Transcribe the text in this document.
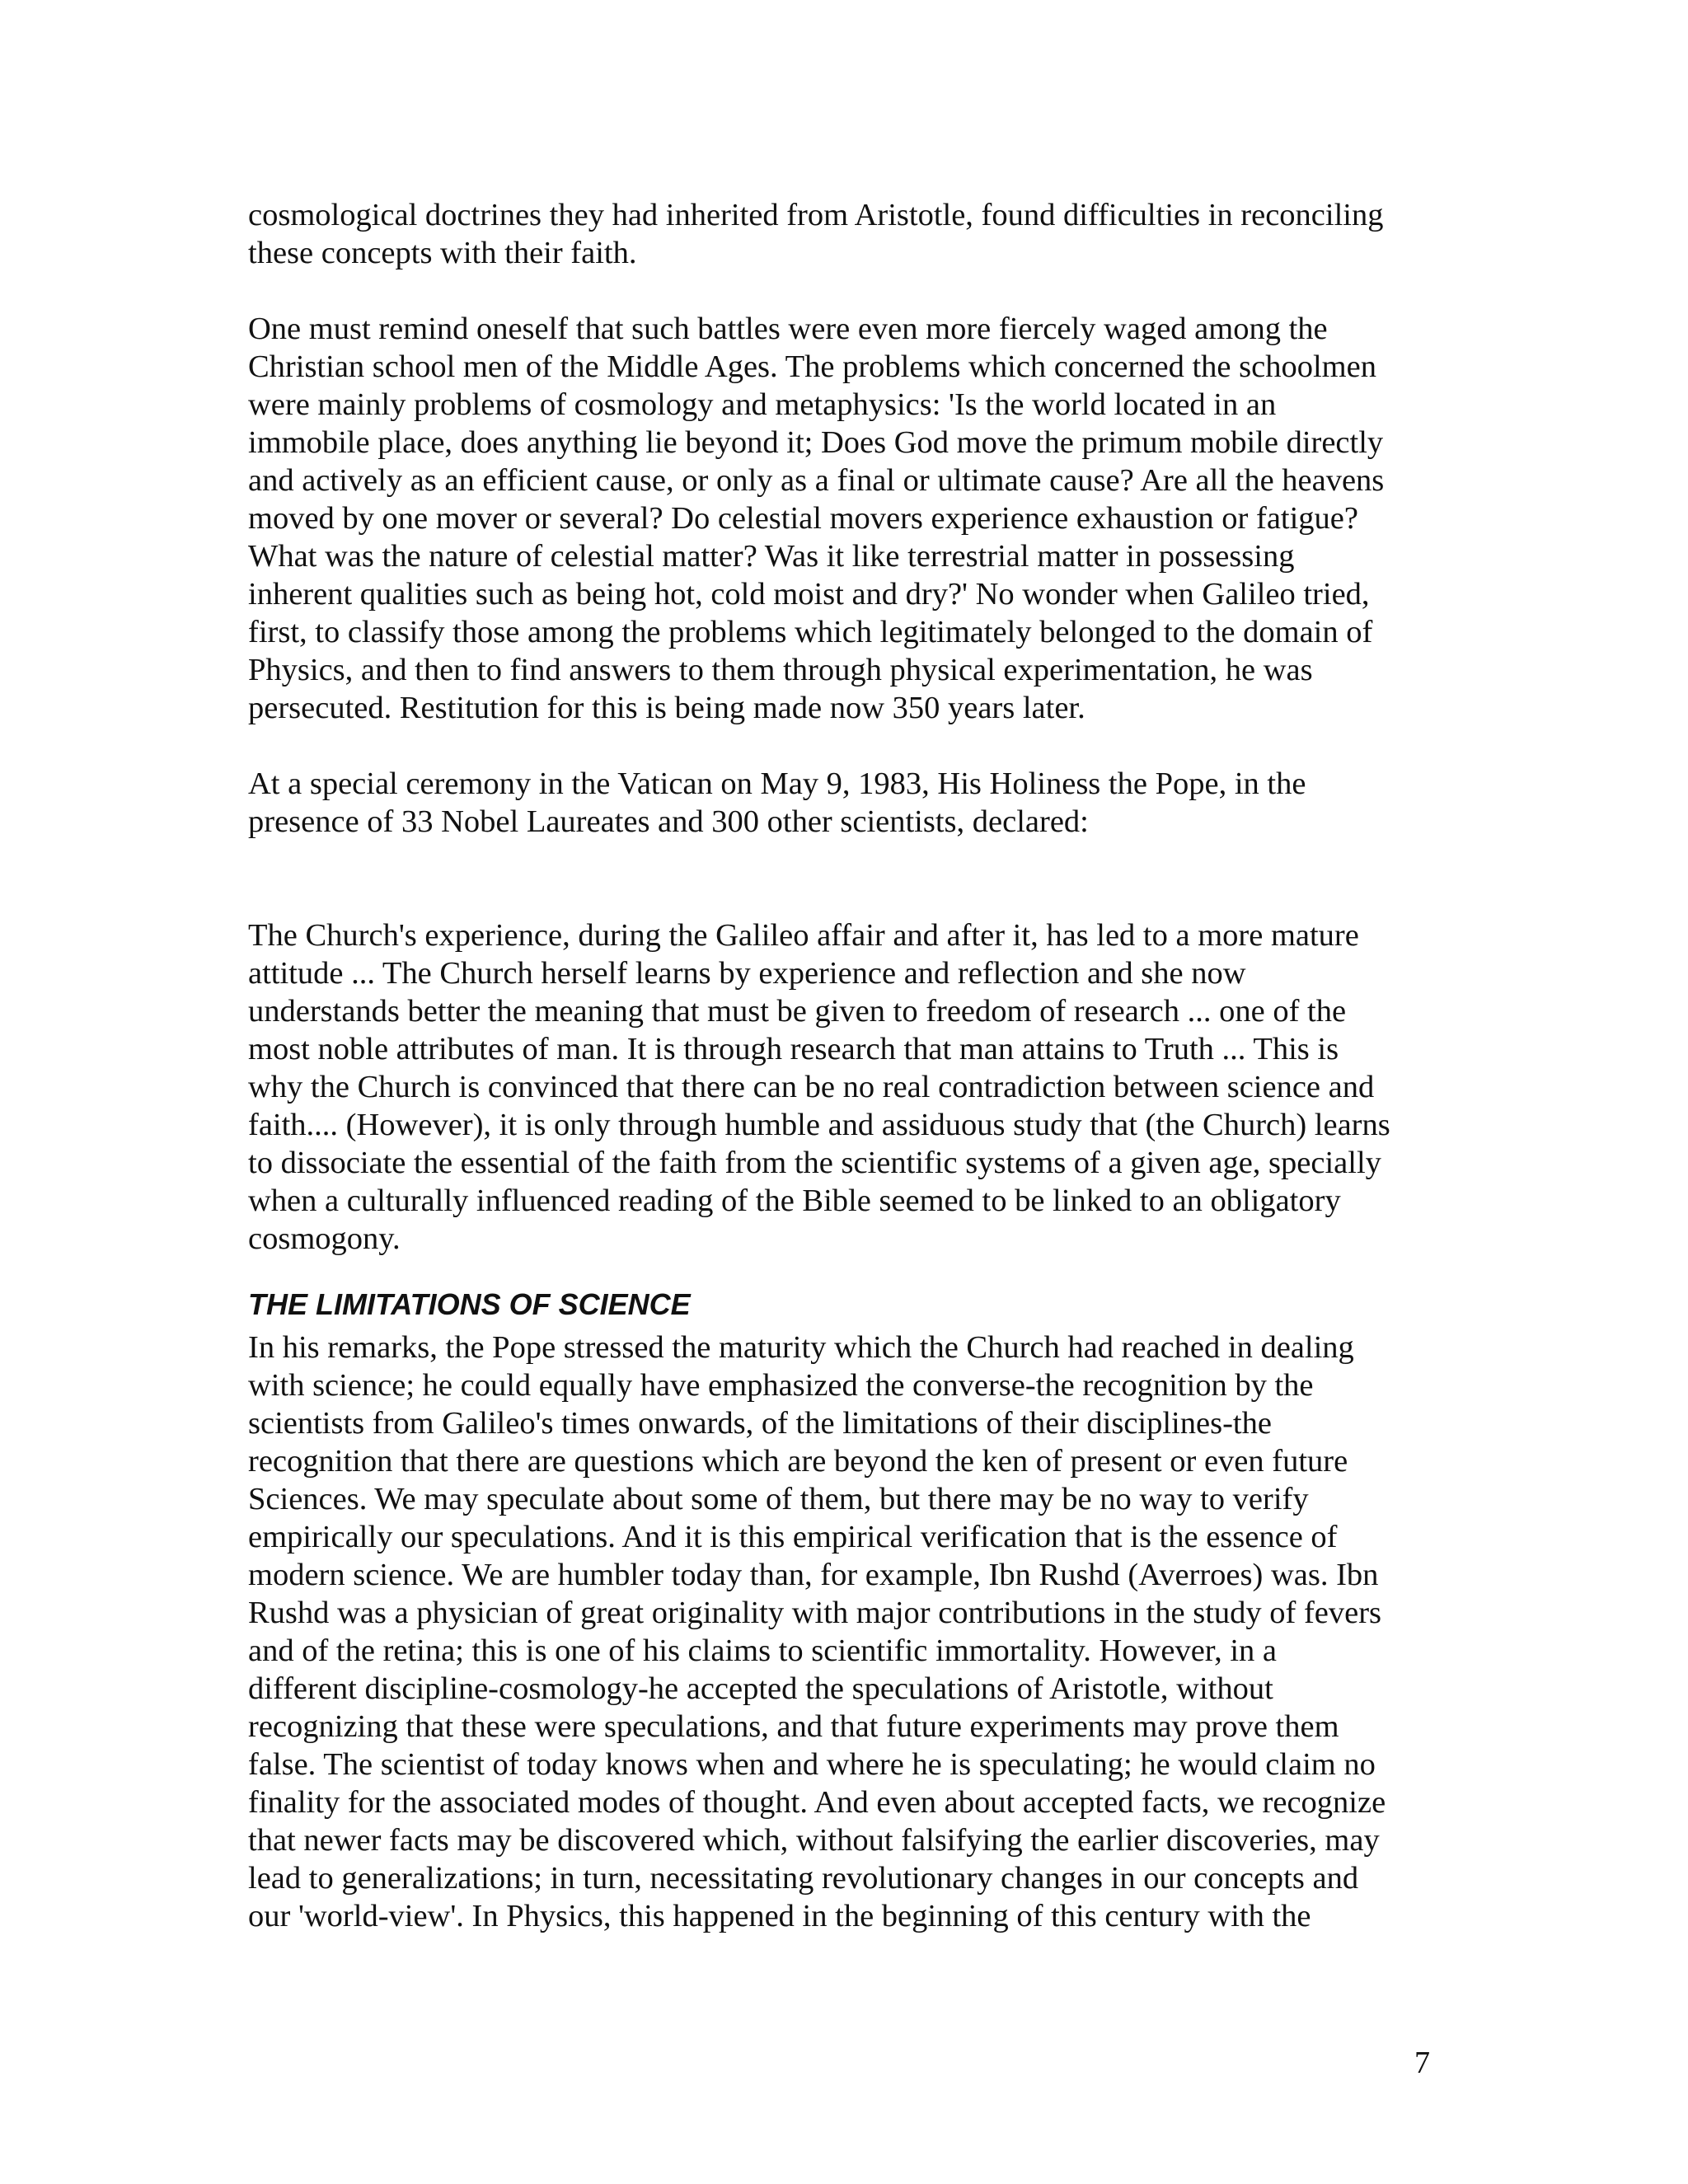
cosmological doctrines they had inherited from Aristotle, found difficulties in reconciling
these concepts with their faith.

One must remind oneself that such battles were even more fiercely waged among the
Christian school men of the Middle Ages. The problems which concerned the schoolmen
were mainly problems of cosmology and metaphysics: 'Is the world located in an
immobile place, does anything lie beyond it; Does God move the primum mobile directly
and actively as an efficient cause, or only as a final or ultimate cause? Are all the heavens
moved by one mover or several? Do celestial movers experience exhaustion or fatigue?
What was the nature of celestial matter? Was it like terrestrial matter in possessing
inherent qualities such as being hot, cold moist and dry?' No wonder when Galileo tried,
first, to classify those among the problems which legitimately belonged to the domain of
Physics, and then to find answers to them through physical experimentation, he was
persecuted. Restitution for this is being made now 350 years later.

At a special ceremony in the Vatican on May 9, 1983, His Holiness the Pope, in the
presence of 33 Nobel Laureates and 300 other scientists, declared:

The Church's experience, during the Galileo affair and after it, has led to a more mature
attitude ... The Church herself learns by experience and reflection and she now
understands better the meaning that must be given to freedom of research ... one of the
most noble attributes of man. It is through research that man attains to Truth ... This is
why the Church is convinced that there can be no real contradiction between science and
faith.... (However), it is only through humble and assiduous study that (the Church) learns
to dissociate the essential of the faith from the scientific systems of a given age, specially
when a culturally influenced reading of the Bible seemed to be linked to an obligatory
cosmogony.

THE LIMITATIONS OF SCIENCE

In his remarks, the Pope stressed the maturity which the Church had reached in dealing
with science; he could equally have emphasized the converse-the recognition by the
scientists from Galileo's times onwards, of the limitations of their disciplines-the
recognition that there are questions which are beyond the ken of present or even future
Sciences. We may speculate about some of them, but there may be no way to verify
empirically our speculations. And it is this empirical verification that is the essence of
modern science. We are humbler today than, for example, Ibn Rushd (Averroes) was. Ibn
Rushd was a physician of great originality with major contributions in the study of fevers
and of the retina; this is one of his claims to scientific immortality. However, in a
different discipline-cosmology-he accepted the speculations of Aristotle, without
recognizing that these were speculations, and that future experiments may prove them
false. The scientist of today knows when and where he is speculating; he would claim no
finality for the associated modes of thought. And even about accepted facts, we recognize
that newer facts may be discovered which, without falsifying the earlier discoveries, may
lead to generalizations; in turn, necessitating revolutionary changes in our concepts and
our 'world-view'. In Physics, this happened in the beginning of this century with the

7
